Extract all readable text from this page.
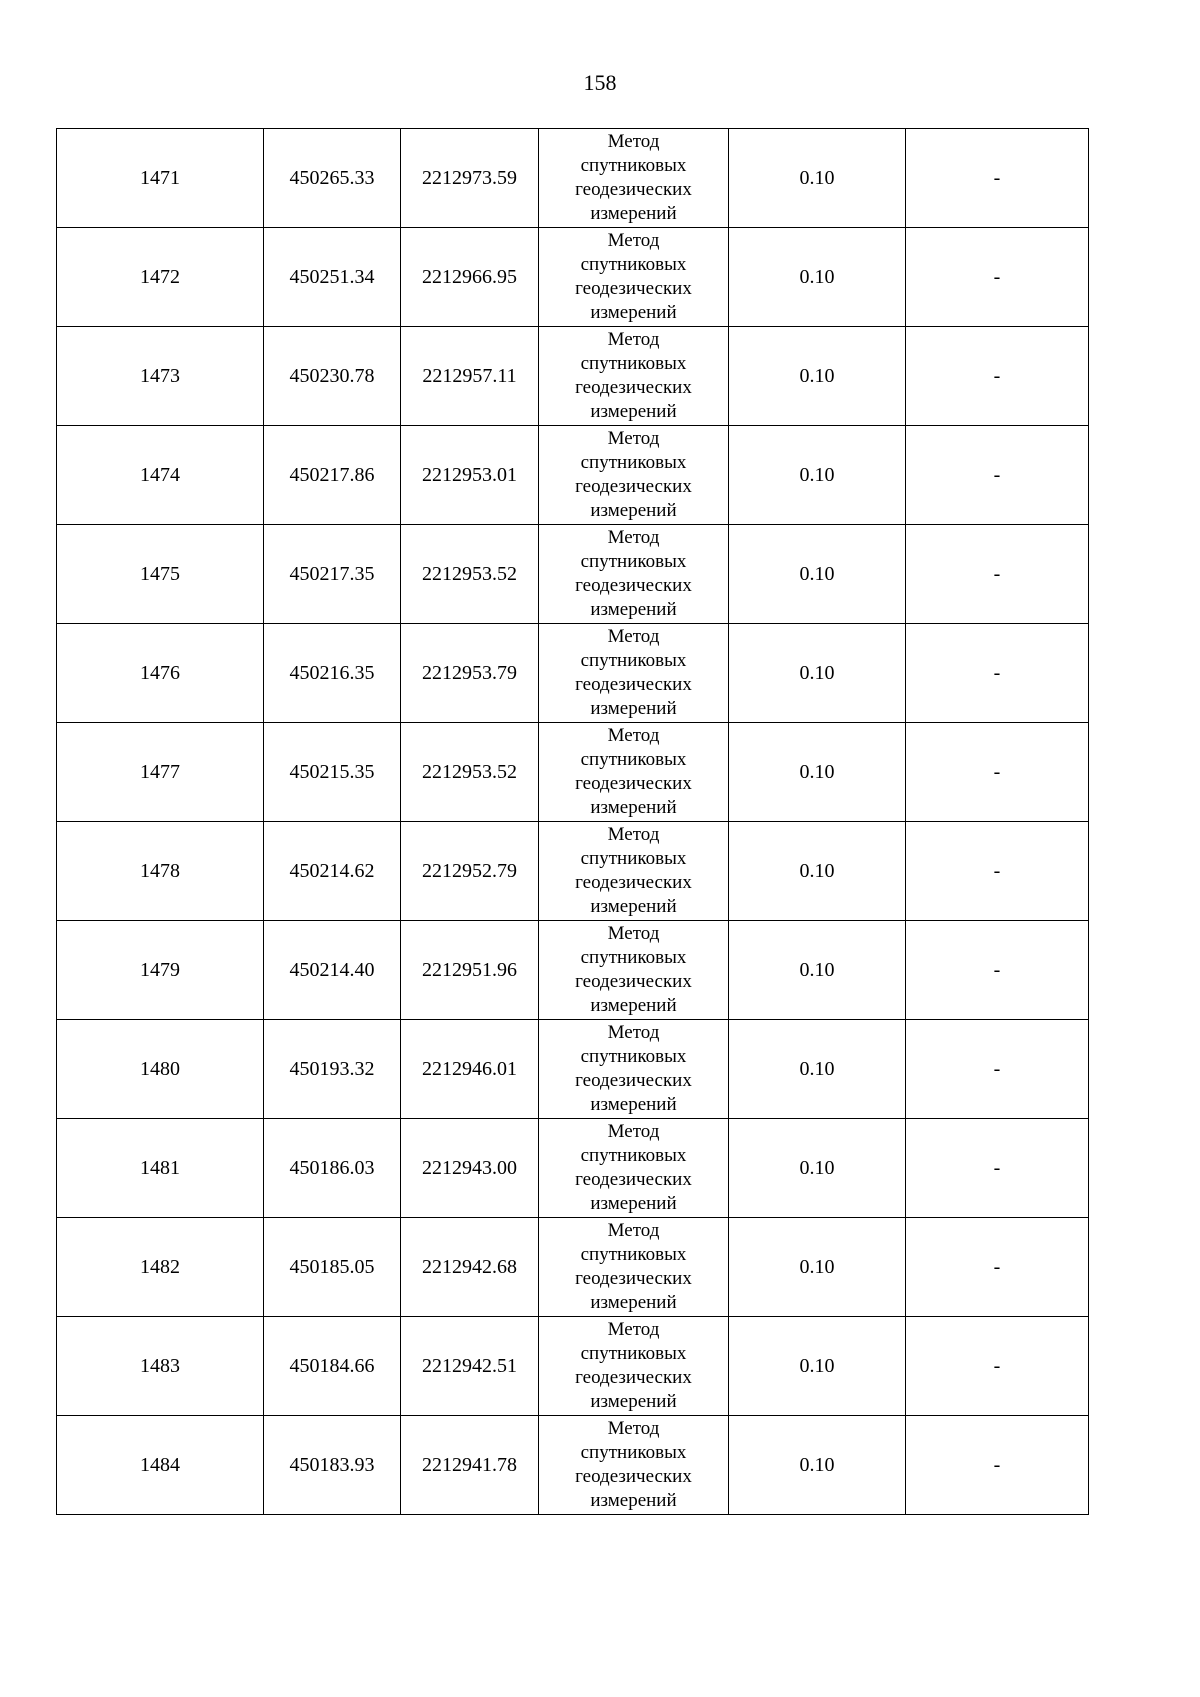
158
1471	450265.33	2212973.59	Метод
спутниковых
геодезических
измерений	0.10	-
1472	450251.34	2212966.95	Метод
спутниковых
геодезических
измерений	0.10	-
1473	450230.78	2212957.11	Метод
спутниковых
геодезических
измерений	0.10	-
1474	450217.86	2212953.01	Метод
спутниковых
геодезических
измерений	0.10	-
1475	450217.35	2212953.52	Метод
спутниковых
геодезических
измерений	0.10	-
1476	450216.35	2212953.79	Метод
спутниковых
геодезических
измерений	0.10	-
1477	450215.35	2212953.52	Метод
спутниковых
геодезических
измерений	0.10	-
1478	450214.62	2212952.79	Метод
спутниковых
геодезических
измерений	0.10	-
1479	450214.40	2212951.96	Метод
спутниковых
геодезических
измерений	0.10	-
1480	450193.32	2212946.01	Метод
спутниковых
геодезических
измерений	0.10	-
1481	450186.03	2212943.00	Метод
спутниковых
геодезических
измерений	0.10	-
1482	450185.05	2212942.68	Метод
спутниковых
геодезических
измерений	0.10	-
1483	450184.66	2212942.51	Метод
спутниковых
геодезических
измерений	0.10	-
1484	450183.93	2212941.78	Метод
спутниковых
геодезических
измерений	0.10	-
